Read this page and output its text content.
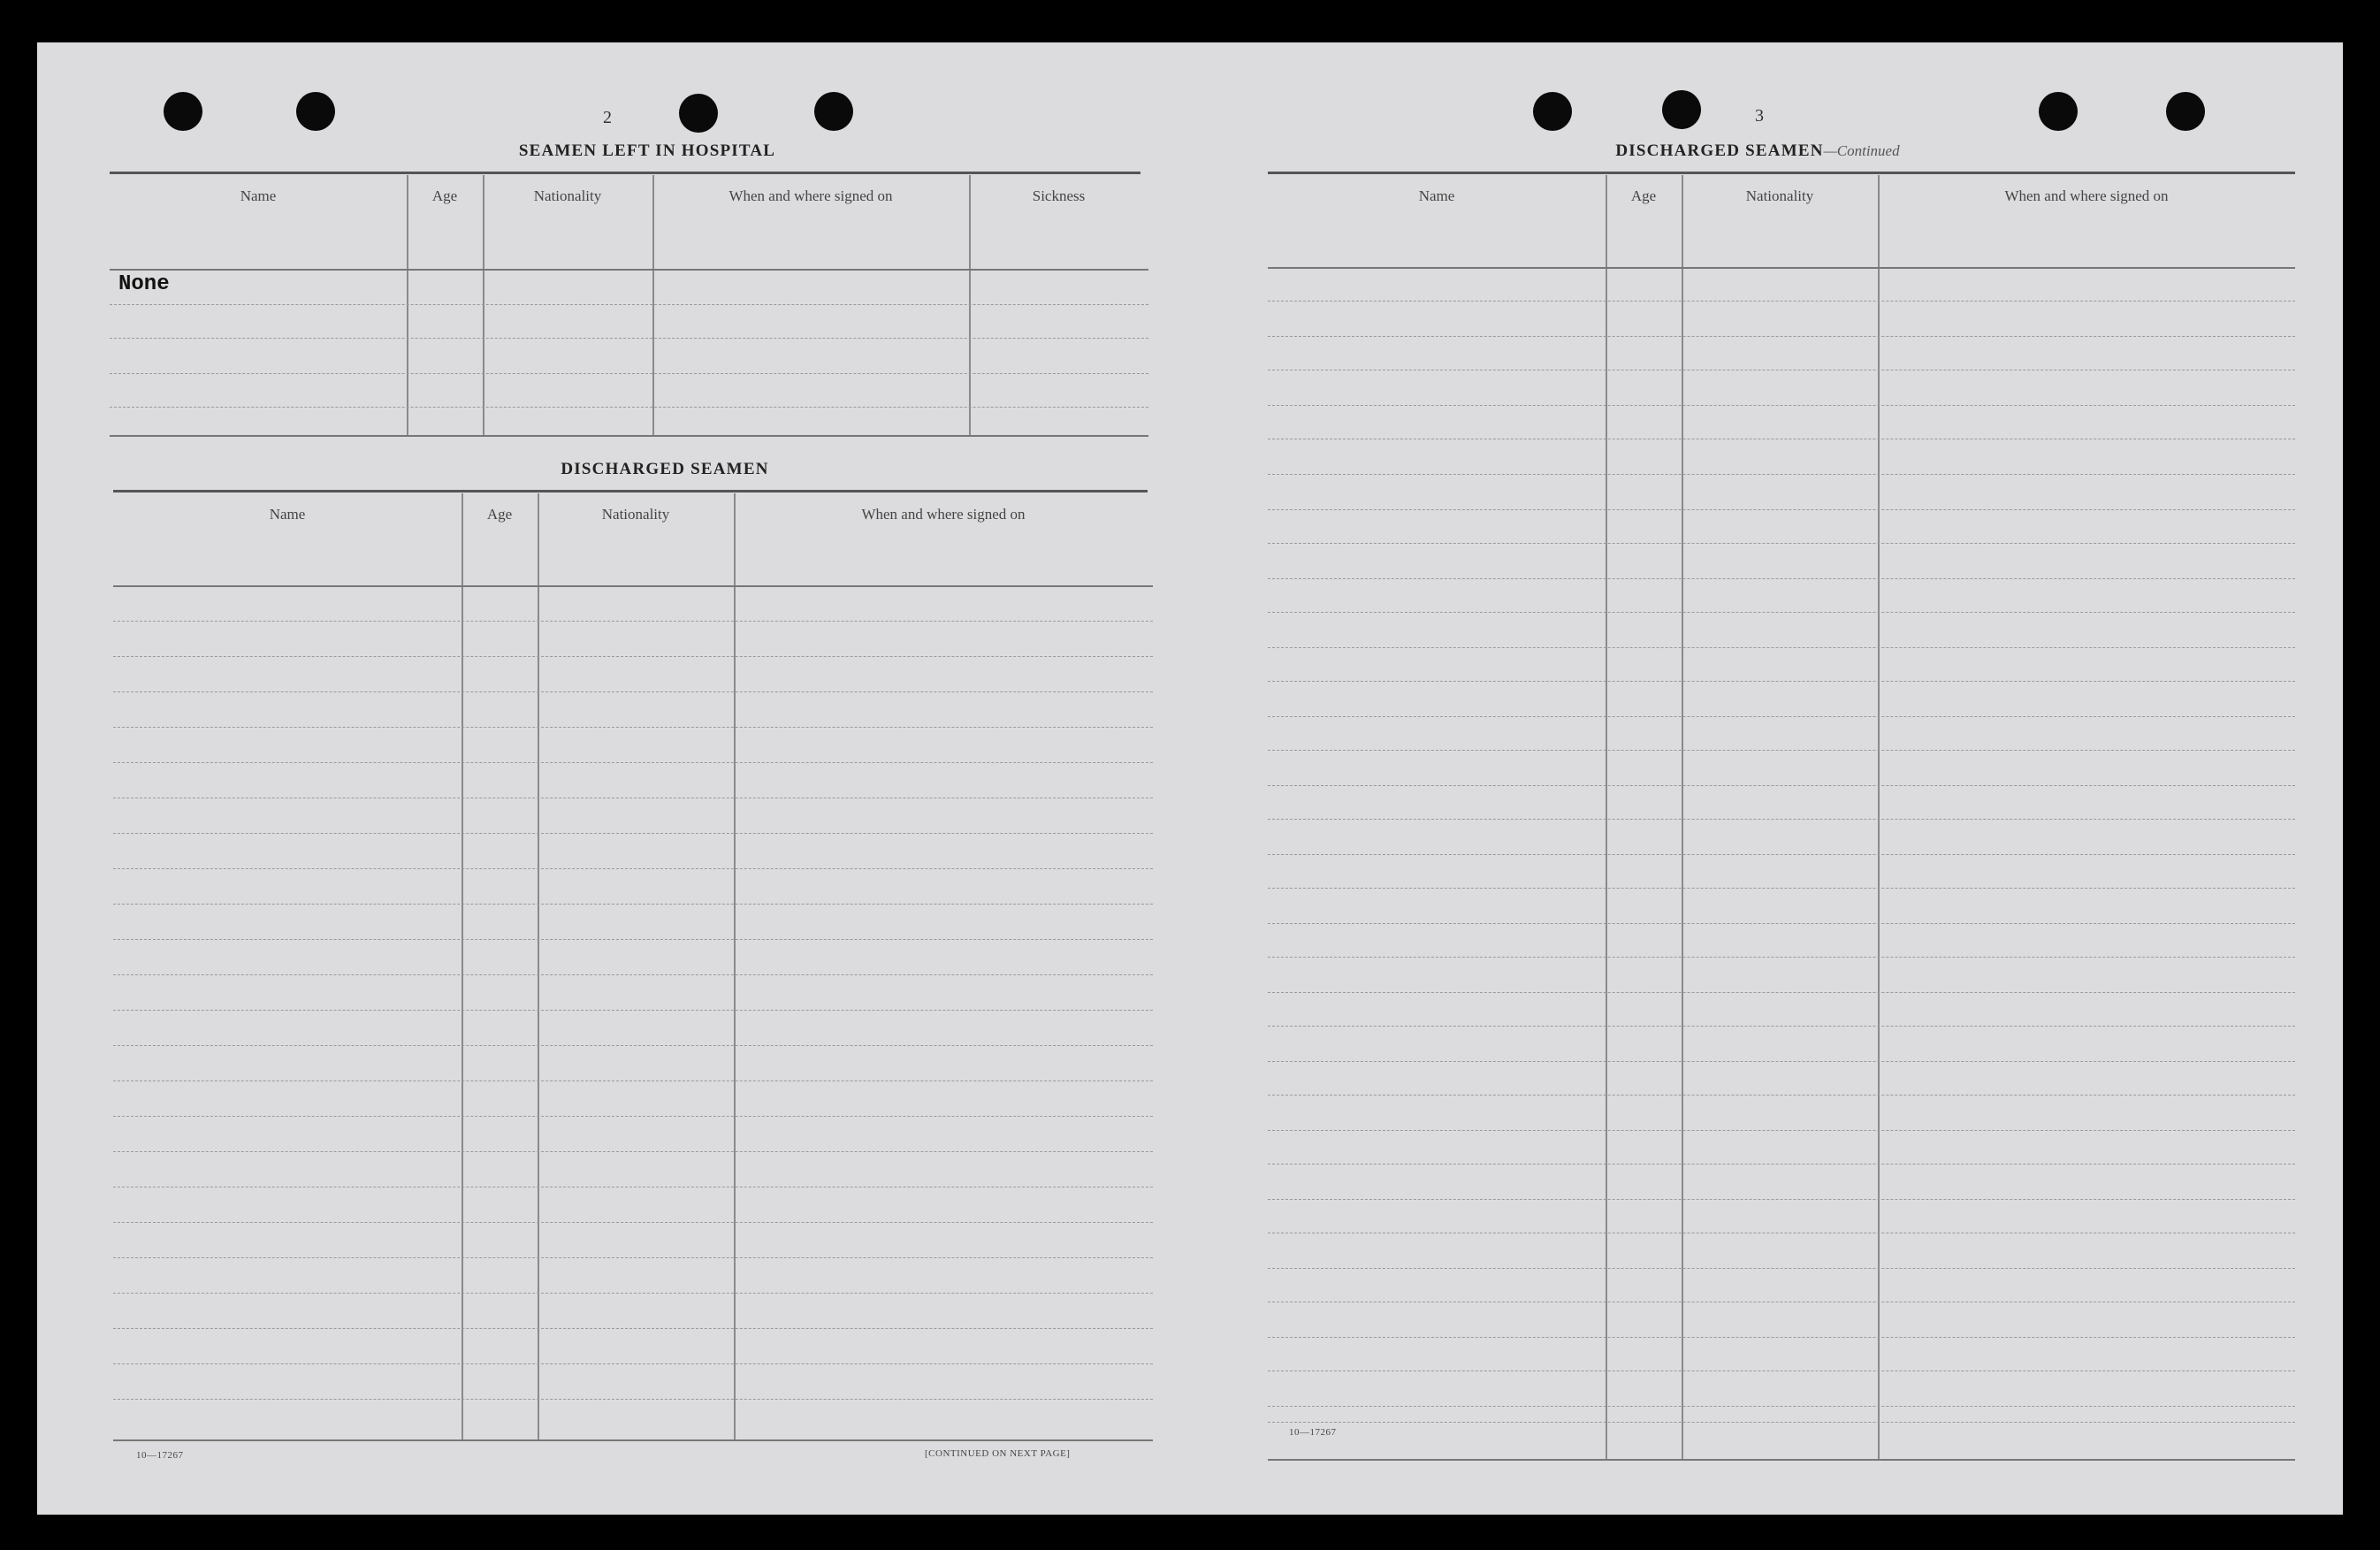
2
SEAMEN LEFT IN HOSPITAL
Name	Age	Nationality	When and where signed on	Sickness
None
DISCHARGED SEAMEN
Name	Age	Nationality	When and where signed on
10—17267	[CONTINUED ON NEXT PAGE]
3
DISCHARGED SEAMEN—Continued
Name	Age	Nationality	When and where signed on
10—17267
